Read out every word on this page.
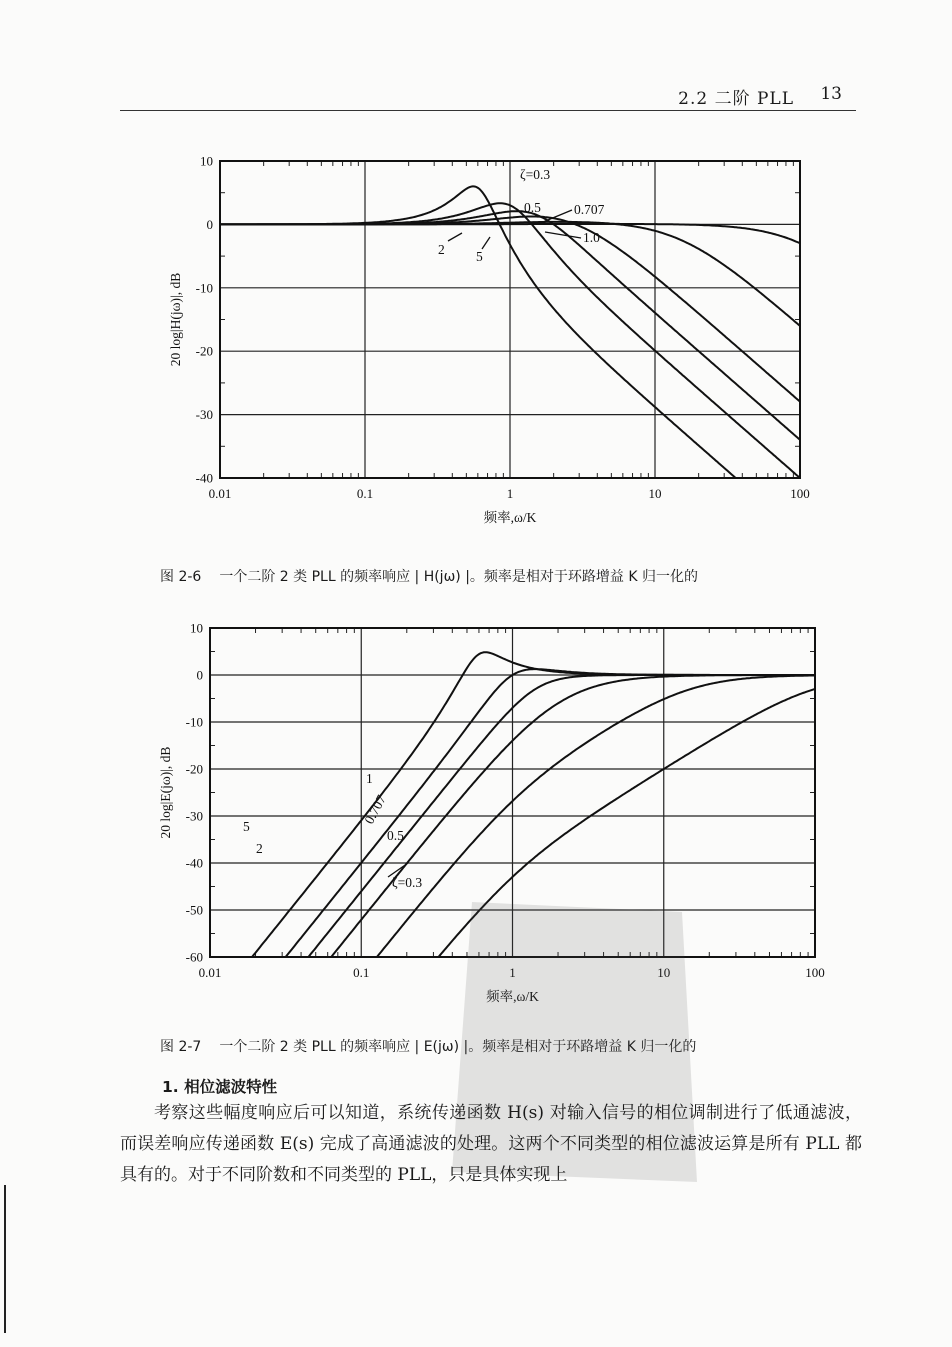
2.2 二阶 PLL 13
0.01	0.1	1	10	100
10
0
-10
-20
-30
-40
ζ=0.3
0.5 0.707
1.0
2 5
频率,ω/K
20 log|H(jω)|, dB
图 2-6 一个二阶 2 类 PLL 的频率响应 | H(jω) |。频率是相对于环路增益 K 归一化的
0.01	0.1	1	10	100
10
0
-10
-20
-30
-40
-50
-60
ζ=0.3
0.5
0.707
1
2
5
频率,ω/K
20 log|E(jω)|, dB
图 2-7 一个二阶 2 类 PLL 的频率响应 | E(jω) |。频率是相对于环路增益 K 归一化的
1. 相位滤波特性

考察这些幅度响应后可以知道，系统传递函数 H(s) 对输入信号的相位调制进行了低通滤波，而误差响应传递函数 E(s) 完成了高通滤波的处理。这两个不同类型的相位滤波运算是所有 PLL 都具有的。对于不同阶数和不同类型的 PLL，只是具体实现上
